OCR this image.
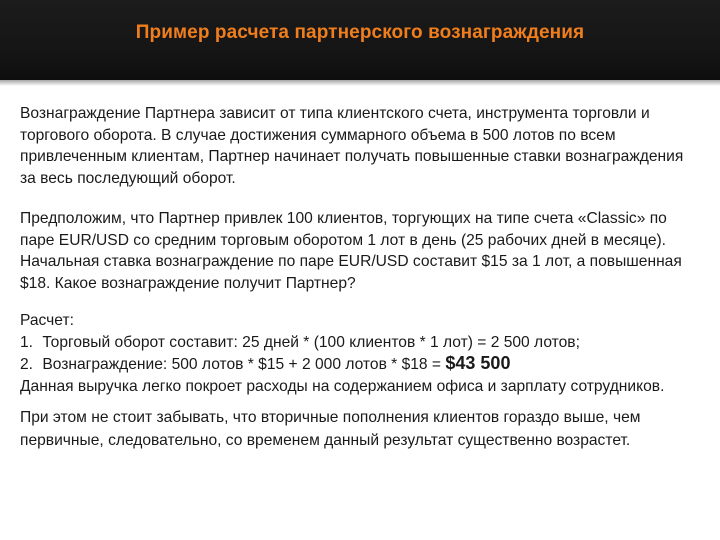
Пример расчета партнерского вознаграждения

Вознаграждение Партнера зависит от типа клиентского счета, инструмента торговли и торгового оборота. В случае достижения суммарного объема в 500 лотов по всем привлеченным клиентам, Партнер начинает получать повышенные ставки вознаграждения за весь последующий оборот.

Предположим, что Партнер привлек 100 клиентов, торгующих на типе счета «Classic» по паре EUR/USD со средним торговым оборотом 1 лот в день (25 рабочих дней в месяце). Начальная ставка вознаграждение по паре EUR/USD составит $15 за 1 лот, а повышенная $18. Какое вознаграждение получит Партнер?

Расчет:

1. Торговый оборот составит: 25 дней * (100 клиентов * 1 лот) = 2 500 лотов;

2. Вознаграждение: 500 лотов * $15 + 2 000 лотов * $18 = $43 500

Данная выручка легко покроет расходы на содержанием офиса и зарплату сотрудников.

При этом не стоит забывать, что вторичные пополнения клиентов гораздо выше, чем первичные, следовательно, со временем данный результат существенно возрастет.
